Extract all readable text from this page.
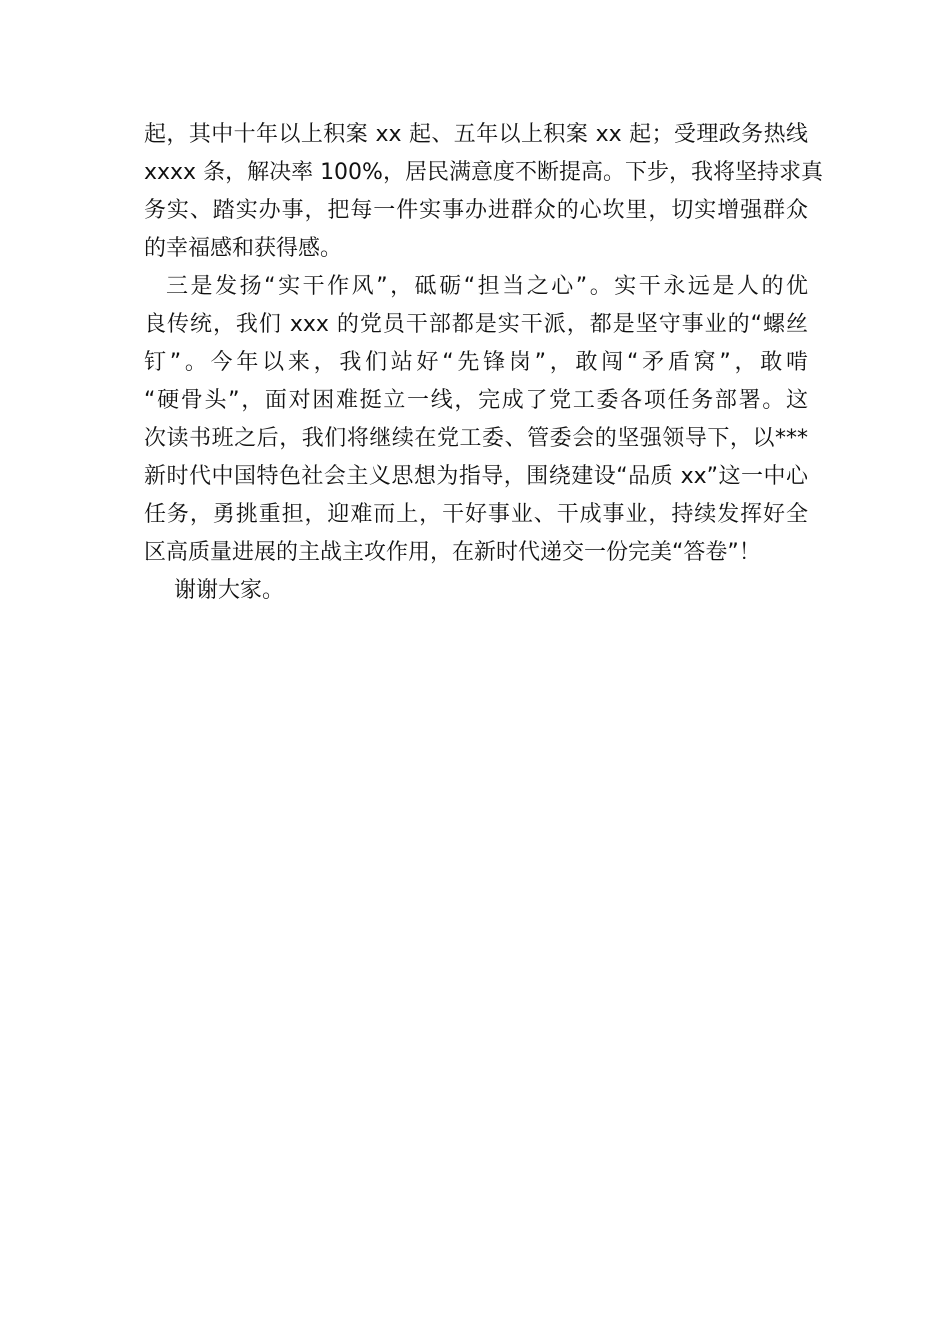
起，其中十年以上积案 xx 起、五年以上积案 xx 起；受理政务热线
xxxx 条，解决率 100%，居民满意度不断提高。下步，我将坚持求真
务实、踏实办事，把每一件实事办进群众的心坎里，切实增强群众
的幸福感和获得感。
三是发扬“实干作风”，砥砺“担当之心”。实干永远是人的优
良传统，我们 xxx 的党员干部都是实干派，都是坚守事业的“螺丝
钉”。今年以来，我们站好“先锋岗”，敢闯“矛盾窝”，敢啃
“硬骨头”，面对困难挺立一线，完成了党工委各项任务部署。这
次读书班之后，我们将继续在党工委、管委会的坚强领导下，以***
新时代中国特色社会主义思想为指导，围绕建设“品质 xx”这一中心
任务，勇挑重担，迎难而上，干好事业、干成事业，持续发挥好全
区高质量进展的主战主攻作用，在新时代递交一份完美“答卷”！
谢谢大家。
